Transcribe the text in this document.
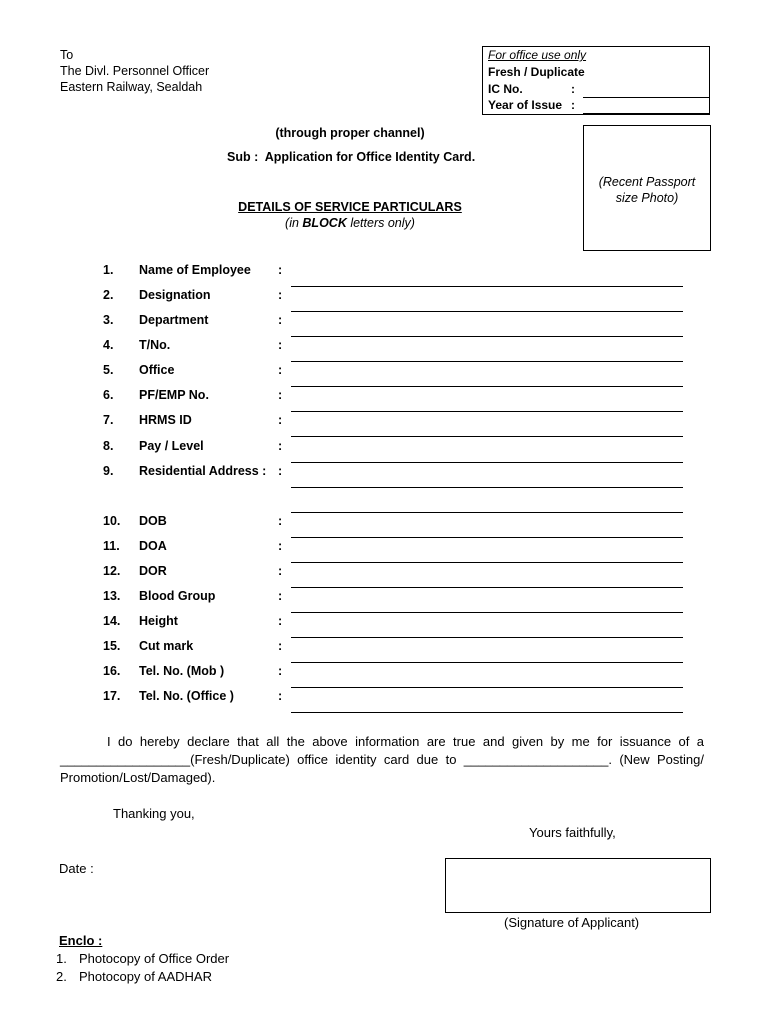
To
The Divl. Personnel Officer
Eastern Railway, Sealdah
For office use only
Fresh / Duplicate
IC No.	:
Year of Issue :
(Recent Passport size Photo)
(through proper channel)
Sub : Application for Office Identity Card.
DETAILS OF SERVICE PARTICULARS
(in BLOCK letters only)
1. Name of Employee :
2. Designation	:
3. Department	:
4. T/No.	:
5. Office	:
6. PF/EMP No.	:
7. HRMS ID	:
8. Pay / Level	:
9. Residential Address : :
10. DOB	:
11. DOA	:
12. DOR	:
13. Blood Group	:
14. Height	:
15. Cut mark	:
16. Tel. No. (Mob )	:
17. Tel. No. (Office )	:
I do hereby declare that all the above information are true and given by me for issuance of a __________________(Fresh/Duplicate) office identity card due to ____________________. (New Posting/ Promotion/Lost/Damaged).
Thanking you,
Yours faithfully,
Date :
(Signature of Applicant)
Enclo :
1. Photocopy of Office Order
2. Photocopy of AADHAR
